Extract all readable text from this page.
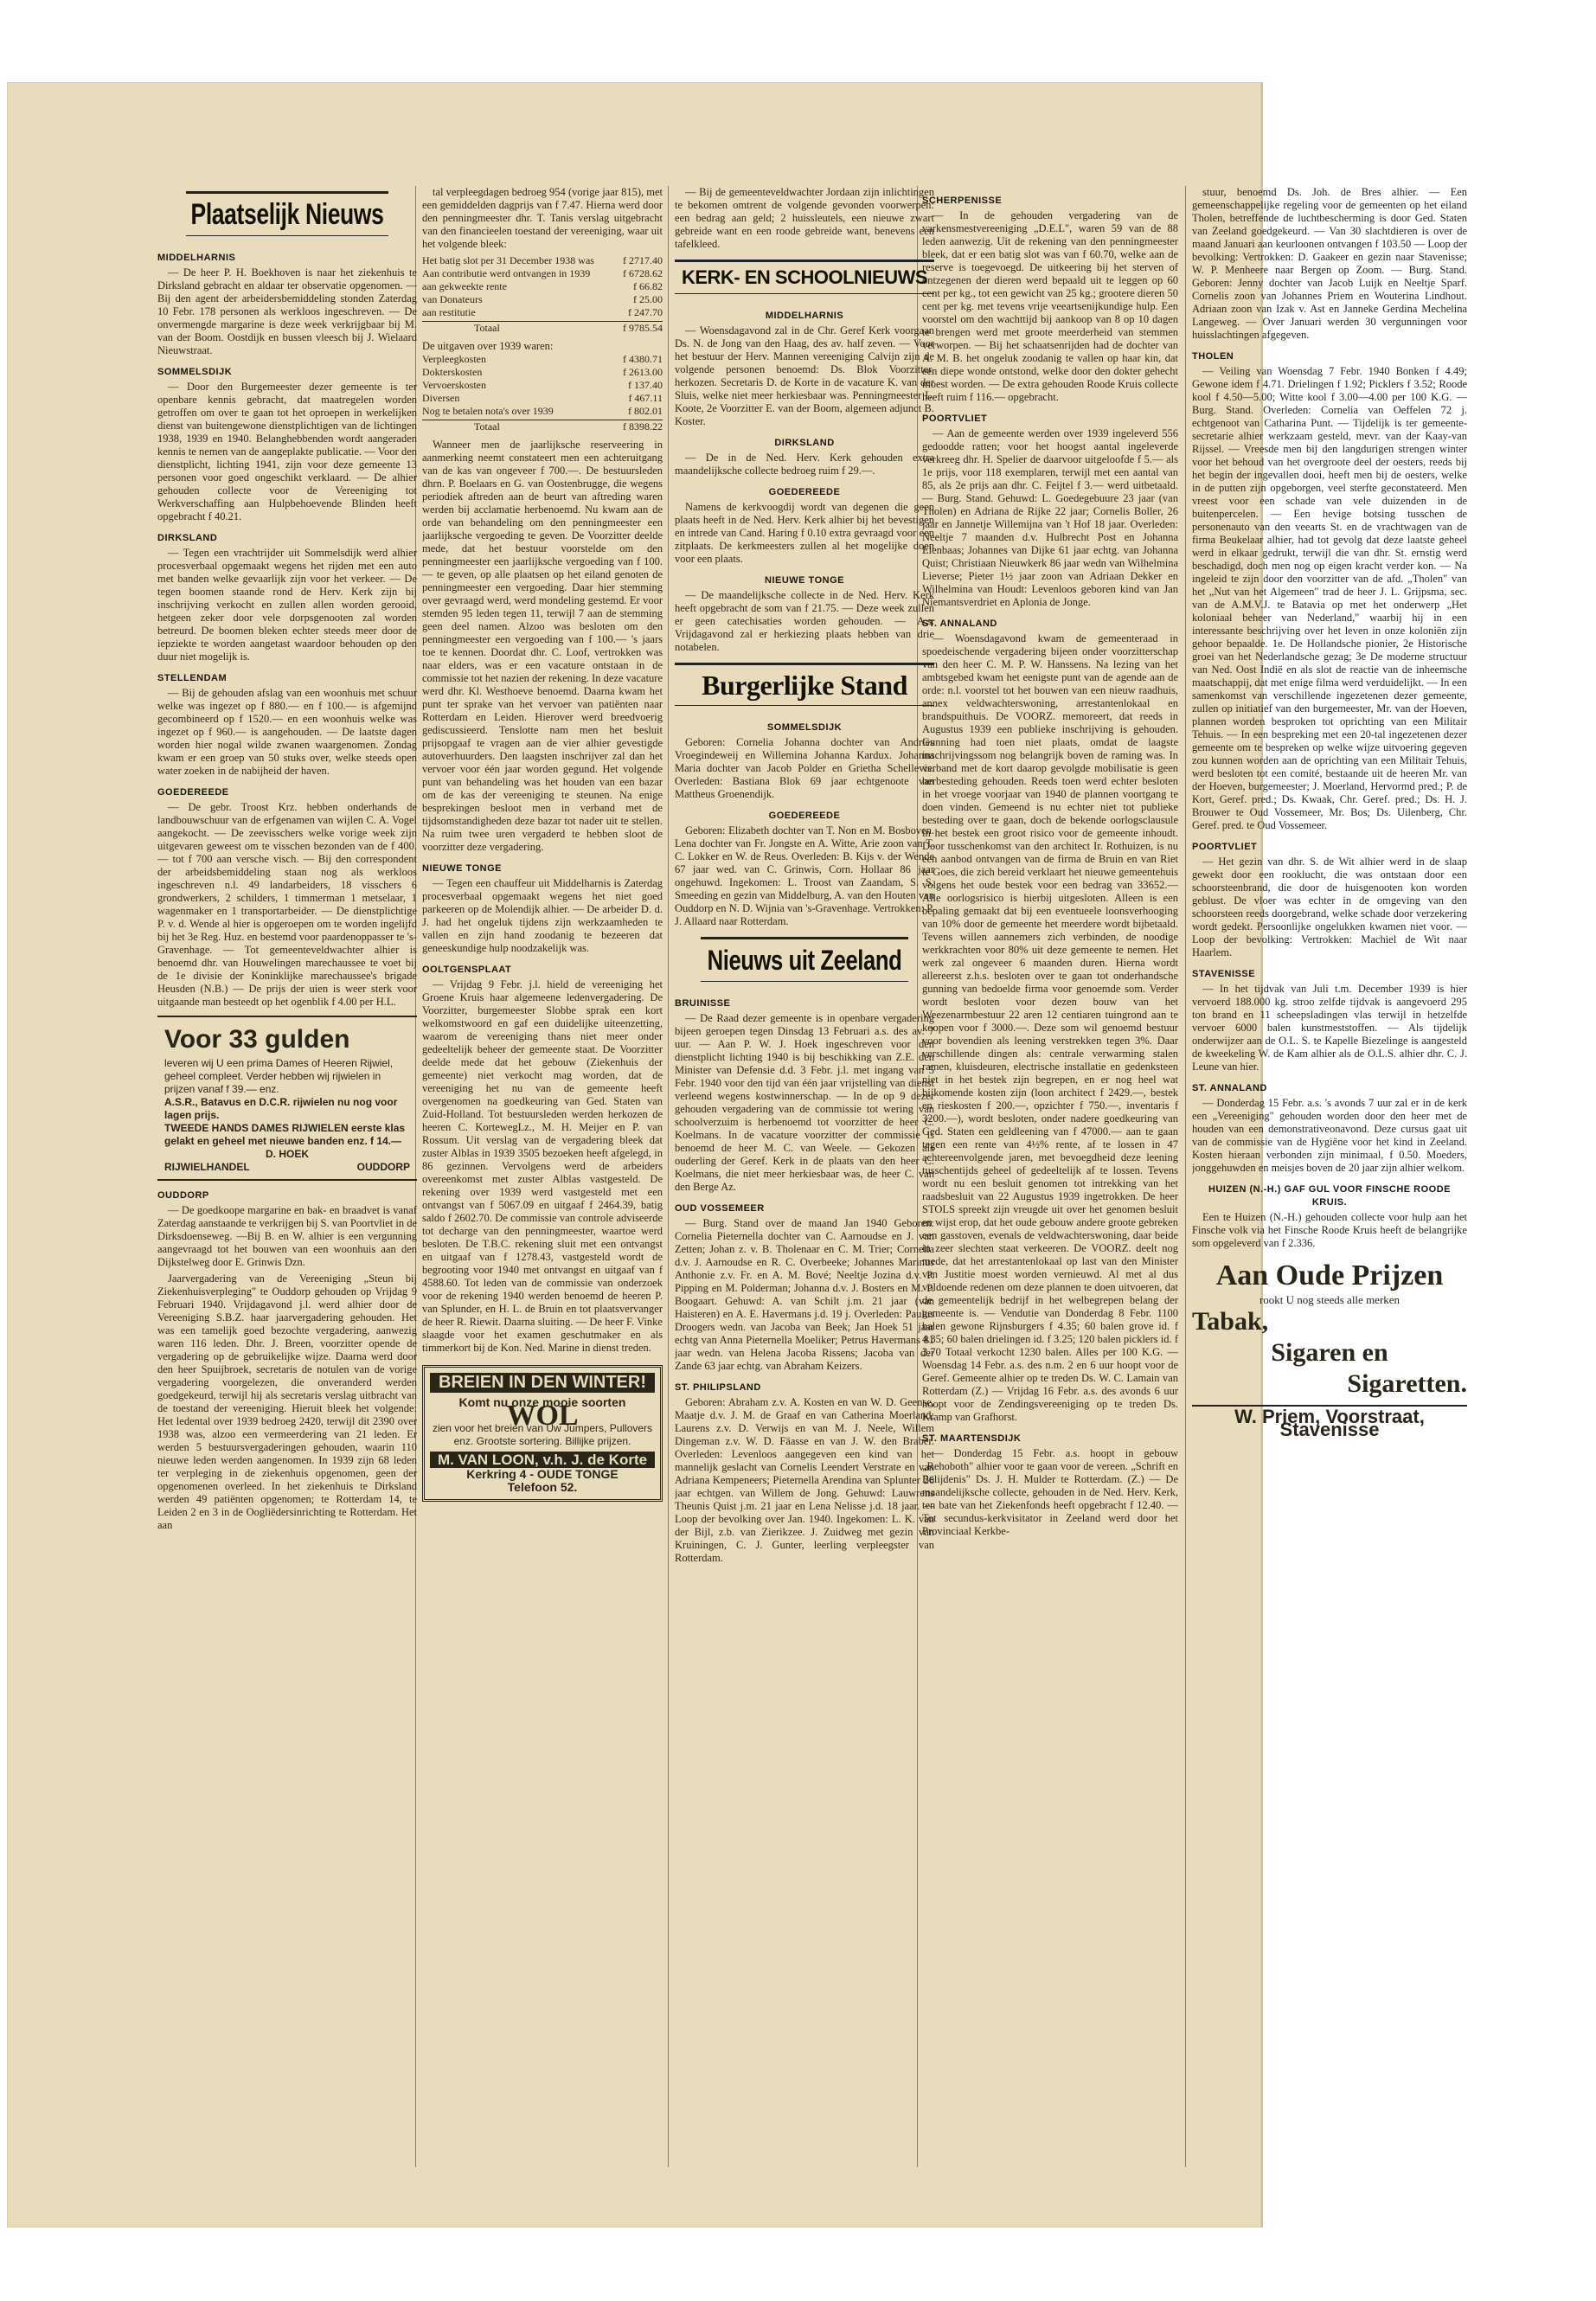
Plaatselijk Nieuws
MIDDELHARNIS

— De heer P. H. Boekhoven is naar het ziekenhuis te Dirksland gebracht en aldaar ter observatie opgenomen. — Bij den agent der arbeidersbemiddeling stonden Zaterdag 10 Febr. 178 personen als werkloos ingeschreven. — De onvermengde margarine is deze week verkrijgbaar bij M. van der Boom. Oostdijk en bussen vleesch bij J. Wielaard Nieuwstraat.

SOMMELSDIJK

— Door den Burgemeester dezer gemeente is ter openbare kennis gebracht, dat maatregelen worden getroffen om over te gaan tot het oproepen in werkelijken dienst van buitengewone dienstplichtigen van de lichtingen 1938, 1939 en 1940. Belanghebbenden wordt aangeraden kennis te nemen van de aangeplakte publicatie. — Voor den dienstplicht, lichting 1941, zijn voor deze gemeente 13 personen voor goed ongeschikt verklaard. — De alhier gehouden collecte voor de Vereeniging tot Werkverschaffing aan Hulpbehoevende Blinden heeft opgebracht f 40.21.

DIRKSLAND

— Tegen een vrachtrijder uit Sommelsdijk werd alhier procesverbaal opgemaakt wegens het rijden met een auto met banden welke gevaarlijk zijn voor het verkeer. — De tegen boomen staande rond de Herv. Kerk zijn bij inschrijving verkocht en zullen allen worden gerooid, hetgeen zeker door vele dorpsgenooten zal worden betreurd. De boomen bleken echter steeds meer door de iepziekte te worden aangetast waardoor behouden op den duur niet mogelijk is.

STELLENDAM

— Bij de gehouden afslag van een woonhuis met schuur welke was ingezet op f 880.— en f 100.— is afgemijnd gecombineerd op f 1520.— en een woonhuis welke was ingezet op f 960.— is aangehouden. — De laatste dagen worden hier nogal wilde zwanen waargenomen. Zondag kwam er een groep van 50 stuks over, welke steeds open water zoeken in de nabijheid der haven.

GOEDEREEDE

— De gebr. Troost Krz. hebben onderhands de landbouwschuur van de erfgenamen van wijlen C. A. Vogel aangekocht. — De zeevisschers welke vorige week zijn uitgevaren geweest om te visschen bezonden van de f 400.— tot f 700 aan versche visch. — Bij den correspondent der arbeidsbemiddeling staan nog als werkloos ingeschreven n.l. 49 landarbeiders, 18 visschers 6 grondwerkers, 2 schilders, 1 timmerman 1 metselaar, 1 wagenmaker en 1 transportarbeider. — De dienstplichtige P. v. d. Wende al hier is opgeroepen om te worden ingelijfd bij het 3e Reg. Huz. en bestemd voor paardenoppasser te 's-Gravenhage. — Tot gemeenteveldwachter alhier is benoemd dhr. van Houwelingen marechaussee te voet bij de 1e divisie der Koninklijke marechaussee's brigade Heusden (N.B.) — De prijs der uien is weer sterk voor uitgaande man besteedt op het ogenblik f 4.00 per H.L.

Voor 33 gulden
leveren wij U een prima Dames of Heeren Rijwiel, geheel compleet. Verder hebben wij rijwielen in prijzen vanaf f 39.— enz.
A.S.R., Batavus en D.C.R. rijwielen nu nog voor lagen prijs.
TWEEDE HANDS DAMES RIJWIELEN eerste klas gelakt en geheel met nieuwe banden enz. f 14.—
D. HOEK
RIJWIELHANDEL	OUDDORP
OUDDORP

— De goedkoope margarine en bak- en braadvet is vanaf Zaterdag aanstaande te verkrijgen bij S. van Poortvliet in de Dirksdoenseweg. —Bij B. en W. alhier is een vergunning aangevraagd tot het bouwen van een woonhuis aan den Dijkstelweg door E. Grinwis Dzn.

Jaarvergadering van de Vereeniging „Steun bij Ziekenhuisverpleging" te Ouddorp gehouden op Vrijdag 9 Februari 1940. Vrijdagavond j.l. werd alhier door de Vereeniging S.B.Z. haar jaarvergadering gehouden. Het was een tamelijk goed bezochte vergadering, aanwezig waren 116 leden. Dhr. J. Breen, voorzitter opende de vergadering op de gebruikelijke wijze. Daarna werd door den heer Spuijbroek, secretaris de notulen van de vorige vergadering voorgelezen, die onveranderd werden goedgekeurd, terwijl hij als secretaris verslag uitbracht van de toestand der vereeniging. Hieruit bleek het volgende: Het ledental over 1939 bedroeg 2420, terwijl dit 2390 over 1938 was, alzoo een vermeerdering van 21 leden. Er werden 5 bestuursvergaderingen gehouden, waarin 110 nieuwe leden werden aangenomen. In 1939 zijn 68 leden ter verpleging in de ziekenhuis opgenomen, geen der opgenomenen overleed. In het ziekenhuis te Dirksland werden 49 patiënten opgenomen; te Rotterdam 14, te Leiden 2 en 3 in de Oogliëdersinrichting te Rotterdam. Het aan

tal verpleegdagen bedroeg 954 (vorige jaar 815), met een gemiddelden dagprijs van f 7.47. Hierna werd door den penningmeester dhr. T. Tanis verslag uitgebracht van den financieelen toestand der vereeniging, waar uit het volgende bleek:

Het batig slot per 31 December 1938 was	f 2717.40
Aan contributie werd ontvangen in 1939	f 6728.62
aan gekweekte rente	f 66.82
van Donateurs	f 25.00
aan restitutie	f 247.70
Totaal	f 9785.54
De uitgaven over 1939 waren:
Verpleegkosten	f 4380.71
Dokterskosten	f 2613.00
Vervoerskosten	f 137.40
Diversen	f 467.11
Nog te betalen nota's over 1939	f 802.01
Totaal	f 8398.22

Wanneer men de jaarlijksche reserveering in aanmerking neemt constateert men een achteruitgang van de kas van ongeveer f 700.—. De bestuursleden dhrn. P. Boelaars en G. van Oostenbrugge, die wegens periodiek aftreden aan de beurt van aftreding waren werden bij acclamatie herbenoemd. Nu kwam aan de orde van behandeling om den penningmeester een jaarlijksche vergoeding te geven. De Voorzitter deelde mede, dat het bestuur voorstelde om den penningmeester een jaarlijksche vergoeding van f 100.— te geven, op alle plaatsen op het eiland genoten de penningmeester een vergoeding. Daar hier stemming over gevraagd werd, werd mondeling gestemd. Er voor stemden 95 leden tegen 11, terwijl 7 aan de stemming geen deel namen. Alzoo was besloten om den penningmeester een vergoeding van f 100.— 's jaars toe te kennen. Doordat dhr. C. Loof, vertrokken was naar elders, was er een vacature ontstaan in de commissie tot het nazien der rekening. In deze vacature werd dhr. Kl. Westhoeve benoemd. Daarna kwam het punt ter sprake van het vervoer van patiënten naar Rotterdam en Leiden. Hierover werd breedvoerig gediscussieerd. Tenslotte nam men het besluit prijsopgaaf te vragen aan de vier alhier gevestigde autoverhuurders. Den laagsten inschrijver zal dan het vervoer voor één jaar worden gegund. Het volgende punt van behandeling was het houden van een bazar om de kas der vereeniging te steunen. Na enige besprekingen besloot men in verband met de tijdsomstandigheden deze bazar tot nader uit te stellen. Na ruim twee uren vergaderd te hebben sloot de voorzitter deze vergadering.

NIEUWE TONGE

— Tegen een chauffeur uit Middelharnis is Zaterdag procesverbaal opgemaakt wegens het niet goed parkeeren op de Molendijk alhier. — De arbeider D. d. J. had het ongeluk tijdens zijn werkzaamheden te vallen en zijn hand zoodanig te bezeeren dat geneeskundige hulp noodzakelijk was.

OOLTGENSPLAAT

— Vrijdag 9 Febr. j.l. hield de vereeniging het Groene Kruis haar algemeene ledenvergadering. De Voorzitter, burgemeester Slobbe sprak een kort welkomstwoord en gaf een duidelijke uiteenzetting, waarom de vereeniging thans niet meer onder gedeeltelijk beheer der gemeente staat. De Voorzitter deelde mede dat het gebouw (Ziekenhuis der gemeente) niet verkocht mag worden, dat de vereeniging het nu van de gemeente heeft overgenomen na goedkeuring van Ged. Staten van Zuid-Holland. Tot bestuursleden werden herkozen de heeren C. KortewegLz., M. H. Meijer en P. van Rossum. Uit verslag van de vergadering bleek dat zuster Alblas in 1939 3505 bezoeken heeft afgelegd, in 86 gezinnen. Vervolgens werd de arbeiders overeenkomst met zuster Alblas vastgesteld. De rekening over 1939 werd vastgesteld met een ontvangst van f 5067.09 en uitgaaf f 2464.39, batig saldo f 2602.70. De commissie van controle adviseerde tot decharge van den penningmeester, waartoe werd besloten. De T.B.C. rekening sluit met een ontvangst en uitgaaf van f 1278.43, vastgesteld wordt de begrooting voor 1940 met ontvangst en uitgaaf van f 4588.60. Tot leden van de commissie van onderzoek voor de rekening 1940 werden benoemd de heeren P. van Splunder, en H. L. de Bruin en tot plaatsvervanger de heer R. Riewit. Daarna sluiting. — De heer F. Vinke slaagde voor het examen geschutmaker en als timmerkort bij de Kon. Ned. Marine in dienst treden.

BREIEN IN DEN WINTER!
Komt nu onze mooie soorten
WOL
zien voor het breien van Uw Jumpers, Pullovers enz. Grootste sortering. Billijke prijzen.
M. VAN LOON, v.h. J. de Korte
Kerkring 4 - OUDE TONGE
Telefoon 52.

— Bij de gemeenteveldwachter Jordaan zijn inlichtingen te bekomen omtrent de volgende gevonden voorwerpen: een bedrag aan geld; 2 huissleutels, een nieuwe zwart gebreide want en een roode gebreide want, benevens een tafelkleed.

KERK- EN SCHOOLNIEUWS
MIDDELHARNIS

— Woensdagavond zal in de Chr. Geref Kerk voorgaan Ds. N. de Jong van den Haag, des av. half zeven. — Voor het bestuur der Herv. Mannen vereeniging Calvijn zijn de volgende personen benoemd: Ds. Blok Voorzitter, herkozen. Secretaris D. de Korte in de vacature K. van der Sluis, welke niet meer herkiesbaar was. Penningmeester L. Koote, 2e Voorzitter E. van der Boom, algemeen adjunct B. Koster.

DIRKSLAND

— De in de Ned. Herv. Kerk gehouden extra maandelijksche collecte bedroeg ruim f 29.—.

GOEDEREEDE

Namens de kerkvoogdij wordt van degenen die geen plaats heeft in de Ned. Herv. Kerk alhier bij het bevestigen en intrede van Cand. Haring f 0.10 extra gevraagd voor een zitplaats. De kerkmeesters zullen al het mogelijke doen voor een plaats.

NIEUWE TONGE

— De maandelijksche collecte in de Ned. Herv. Kerk heeft opgebracht de som van f 21.75. — Deze week zullen er geen catechisaties worden gehouden. — A.s. Vrijdagavond zal er herkiezing plaats hebben van drie notabelen.

Burgerlijke Stand
SOMMELSDIJK

Geboren: Cornelia Johanna dochter van Andries Vroegindeweij en Willemina Johanna Kardux. Johanna Maria dochter van Jacob Polder en Grietha Schellevis. Overleden: Bastiana Blok 69 jaar echtgenoote van Mattheus Groenendijk.

GOEDEREEDE

Geboren: Elizabeth dochter van T. Non en M. Bosboven. Lena dochter van Fr. Jongste en A. Witte, Arie zoon van T. C. Lokker en W. de Reus. Overleden: B. Kijs v. der Wende 67 jaar wed. van C. Grinwis, Corn. Hollaar 86 jaar ongehuwd. Ingekomen: L. Troost van Zaandam, S. S. Smeeding en gezin van Middelburg, A. van den Houten van Ouddorp en N. D. Wijnia van 's-Gravenhage. Vertrokken: P. J. Allaard naar Rotterdam.

Nieuws uit Zeeland
BRUINISSE

— De Raad dezer gemeente is in openbare vergadering bijeen geroepen tegen Dinsdag 13 Februari a.s. des av. 7 uur. — Aan P. W. J. Hoek ingeschreven voor den dienstplicht lichting 1940 is bij beschikking van Z.E. den Minister van Defensie d.d. 3 Febr. j.l. met ingang van 5 Febr. 1940 voor den tijd van één jaar vrijstelling van dienst verleend wegens kostwinnerschap. — In de op 9 dezer gehouden vergadering van de commissie tot wering van schoolverzuim is herbenoemd tot voorzitter de heer C. Koelmans. In de vacature voorzitter der commissie is benoemd de heer M. C. van Weele. — Gekozen als ouderling der Geref. Kerk in de plaats van den heer C. Koelmans, die niet meer herkiesbaar was, de heer C. van den Berge Az.

OUD VOSSEMEER

— Burg. Stand over de maand Jan 1940 Geboren: Cornelia Pieternella dochter van C. Aarnoudse en J. van Zetten; Johan z. v. B. Tholenaar en C. M. Trier; Cornelia d.v. J. Aarnoudse en R. C. Overbeeke; Johannes Marinus Anthonie z.v. Fr. en A. M. Bové; Neeltje Jozina d.v. P. Pipping en M. Polderman; Johanna d.v. J. Bosters en M. P. Boogaart. Gehuwd: A. van Schilt j.m. 21 jaar (van Haisteren) en A. E. Havermans j.d. 19 j. Overleden: Paulus Droogers wedn. van Jacoba van Beek; Jan Hoek 51 jaar echtg van Anna Pieternella Moeliker; Petrus Havermans 81 jaar wedn. van Helena Jacoba Rissens; Jacoba van der Zande 63 jaar echtg. van Abraham Keizers.

ST. PHILIPSLAND

Geboren: Abraham z.v. A. Kosten en van W. D. Geense, Maatje d.v. J. M. de Graaf en van Catherina Moerland; Laurens z.v. D. Verwijs en van M. J. Neele, Willem Dingeman z.v. W. D. Fäasse en van J. W. den Braber. Overleden: Levenloos aangegeven een kind van het mannelijk geslacht van Cornelis Leendert Verstrate en van Adriana Kempeneers; Pieternella Arendina van Splunter 26 jaar echtgen. van Willem de Jong. Gehuwd: Lauwrens Theunis Quist j.m. 21 jaar en Lena Nelisse j.d. 18 jaar. — Loop der bevolking over Jan. 1940. Ingekomen: L. K. van der Bijl, z.b. van Zierikzee. J. Zuidweg met gezin van Kruiningen, C. J. Gunter, leerling verpleegster van Rotterdam.

SCHERPENISSE

— In de gehouden vergadering van de varkensmestvereeniging „D.E.L", waren 59 van de 88 leden aanwezig. Uit de rekening van den penningmeester bleek, dat er een batig slot was van f 60.70, welke aan de reserve is toegevoegd. De uitkeering bij het sterven of ontzegenen der dieren werd bepaald uit te leggen op 60 cent per kg., tot een gewicht van 25 kg.; grootere dieren 50 cent per kg. met tevens vrije veeartsenijkundige hulp. Een voorstel om den wachttijd bij aankoop van 8 op 10 dagen te brengen werd met groote meerderheid van stemmen verworpen. — Bij het schaatsenrijden had de dochter van A. M. B. het ongeluk zoodanig te vallen op haar kin, dat een diepe wonde ontstond, welke door den dokter gehecht moest worden. — De extra gehouden Roode Kruis collecte heeft ruim f 116.— opgebracht.

POORTVLIET

— Aan de gemeente werden over 1939 ingeleverd 556 gedoodde ratten; voor het hoogst aantal ingeleverde verkreeg dhr. H. Spelier de daarvoor uitgeloofde f 5.— als 1e prijs, voor 118 exemplaren, terwijl met een aantal van 85, als 2e prijs aan dhr. C. Feijtel f 3.— werd uitbetaald. — Burg. Stand. Gehuwd: L. Goedegebuure 23 jaar (van Tholen) en Adriana de Rijke 22 jaar; Cornelis Boller, 26 jaar en Jannetje Willemijna van 't Hof 18 jaar. Overleden: Neeltje 7 maanden d.v. Hulbrecht Post en Johanna Elenbaas; Johannes van Dijke 61 jaar echtg. van Johanna Quist; Christiaan Nieuwkerk 86 jaar wedn van Wilhelmina Lieverse; Pieter 1½ jaar zoon van Adriaan Dekker en Wilhelmina van Houdt: Levenloos geboren kind van Jan Niemantsverdriet en Aplonia de Jonge.

ST. ANNALAND

— Woensdagavond kwam de gemeenteraad in spoedeischende vergadering bijeen onder voorzitterschap van den heer C. M. P. W. Hanssens. Na lezing van het ambtsgebed kwam het eenigste punt van de agende aan de orde: n.l. voorstel tot het bouwen van een nieuw raadhuis, annex veldwachterswoning, arrestantenlokaal en brandspuithuis. De VOORZ. memoreert, dat reeds in Augustus 1939 een publieke inschrijving is gehouden. Gunning had toen niet plaats, omdat de laagste inschrijvingssom nog belangrijk boven de raming was. In verband met de kort daarop gevolgde mobilisatie is geen herbesteding gehouden. Reeds toen werd echter besloten in het vroege voorjaar van 1940 de plannen voortgang te doen vinden. Gemeend is nu echter niet tot publieke besteding over te gaan, doch de bekende oorlogsclausule in het bestek een groot risico voor de gemeente inhoudt. Door tusschenkomst van den architect Ir. Rothuizen, is nu een aanbod ontvangen van de firma de Bruin en van Riet te Goes, die zich bereid verklaart het nieuwe gemeentehuis volgens het oude bestek voor een bedrag van 33652.— Alle oorlogsrisico is hierbij uitgesloten. Alleen is een bepaling gemaakt dat bij een eventueele loonsverhooging van 10% door de gemeente het meerdere wordt bijbetaald. Tevens willen aannemers zich verbinden, de noodige werkkrachten voor 80% uit deze gemeente te nemen. Het werk zal ongeveer 6 maanden duren. Hierna wordt allereerst z.h.s. besloten over te gaan tot onderhandsche gunning van bedoelde firma voor genoemde som. Verder wordt besloten voor dezen bouw van het Weezenarmbestuur 22 aren 12 centiaren tuingrond aan te koopen voor f 3000.—. Deze som wil genoemd bestuur voor bovendien als leening verstrekken tegen 3%. Daar verschillende dingen als: centrale verwarming stalen ramen, kluisdeuren, electrische installatie en gedenksteen niet in het bestek zijn begrepen, en er nog heel wat bijkomende kosten zijn (loon architect f 2429.—, bestek en rieskosten f 200.—, opzichter f 750.—, inventaris f 3200.—), wordt besloten, onder nadere goedkeuring van Ged. Staten een geldleening van f 47000.— aan te gaan tegen een rente van 4½% rente, af te lossen in 47 achtereenvolgende jaren, met bevoegdheid deze leening tusschentijds geheel of gedeeltelijk af te lossen. Tevens wordt nu een besluit genomen tot intrekking van het raadsbesluit van 22 Augustus 1939 ingetrokken. De heer STOLS spreekt zijn vreugde uit over het genomen besluit en wijst erop, dat het oude gebouw andere groote gebreken een gasstoven, evenals de veldwachterswoning, daar beide in zeer slechten staat verkeeren. De VOORZ. deelt nog mede, dat het arrestantenlokaal op last van den Minister van Justitie moest worden vernieuwd. Al met al dus voldoende redenen om deze plannen te doen uitvoeren, dat de gemeentelijk bedrijf in het welbegrepen belang der gemeente is. — Vendutie van Donderdag 8 Febr. 1100 balen gewone Rijnsburgers f 4.35; 60 balen grove id. f 4.35; 60 balen drielingen id. f 3.25; 120 balen picklers id. f 3.70 Totaal verkocht 1230 balen. Alles per 100 K.G. — Woensdag 14 Febr. a.s. des n.m. 2 en 6 uur hoopt voor de Geref. Gemeente alhier op te treden Ds. W. C. Lamain van Rotterdam (Z.) — Vrijdag 16 Febr. a.s. des avonds 6 uur hoopt voor de Zendingsvereeniging op te treden Ds. Kramp van Grafhorst.

ST. MAARTENSDIJK

— Donderdag 15 Febr. a.s. hoopt in gebouw „Rehoboth" alhier voor te gaan voor de vereen. „Schrift en Belijdenis" Ds. J. H. Mulder te Rotterdam. (Z.) — De maandelijksche collecte, gehouden in de Ned. Herv. Kerk, ten bate van het Ziekenfonds heeft opgebracht f 12.40. — Tot secundus-kerkvisitator in Zeeland werd door het Provinciaal Kerkbe-

stuur, benoemd Ds. Joh. de Bres alhier. — Een gemeenschappelijke regeling voor de gemeenten op het eiland Tholen, betreffende de luchtbescherming is door Ged. Staten van Zeeland goedgekeurd. — Van 30 slachtdieren is over de maand Januari aan keurloonen ontvangen f 103.50 — Loop der bevolking: Vertrokken: D. Gaakeer en gezin naar Stavenisse; W. P. Menheere naar Bergen op Zoom. — Burg. Stand. Geboren: Jenny dochter van Jacob Luijk en Neeltje Sparf. Cornelis zoon van Johannes Priem en Wouterina Lindhout. Adriaan zoon van Izak v. Ast en Janneke Gerdina Mechelina Langeweg. — Over Januari werden 30 vergunningen voor huisslachtingen afgegeven.

THOLEN

— Veiling van Woensdag 7 Febr. 1940 Bonken f 4.49; Gewone idem f 4.71. Drielingen f 1.92; Picklers f 3.52; Roode kool f 4.50—5.00; Witte kool f 3.00—4.00 per 100 K.G. — Burg. Stand. Overleden: Cornelia van Oeffelen 72 j. echtgenoot van Catharina Punt. — Tijdelijk is ter gemeente-secretarie alhier werkzaam gesteld, mevr. van der Kaay-van Rijssel. — Vreesde men bij den langdurigen strengen winter voor het behoud van het overgroote deel der oesters, reeds bij het begin der ingevallen dooi, heeft men bij de oesters, welke in de putten zijn opgeborgen, veel sterfte geconstateerd. Men vreest voor een schade van vele duizenden in de buitenpercelen. — Een hevige botsing tusschen de personenauto van den veearts St. en de vrachtwagen van de firma Beukelaar alhier, had tot gevolg dat deze laatste geheel werd in elkaar gedrukt, terwijl die van dhr. St. ernstig werd beschadigd, doch men nog op eigen kracht verder kon. — Na ingeleid te zijn door den voorzitter van de afd. „Tholen" van het „Nut van het Algemeen" trad de heer J. L. Grijpsma, sec. van de A.M.V.J. te Batavia op met het onderwerp „Het koloniaal beheer van Nederland," waarbij hij in een interessante beschrijving over het leven in onze koloniën zijn gehoor bepaalde. 1e. De Hollandsche pionier, 2e Historische groei van het Nederlandsche gezag; 3e De moderne structuur van Ned. Oost Indië en als slot de reactie van de inheemsche maatschappij, dat met enige filma werd verduidelijkt. — In een samenkomst van verschillende ingezetenen dezer gemeente, zullen op initiatief van den burgemeester, Mr. van der Hoeven, plannen worden besproken tot oprichting van een Militair Tehuis. — In een bespreking met een 20-tal ingezetenen dezer gemeente om te bespreken op welke wijze uitvoering gegeven zou kunnen worden aan de oprichting van een Militair Tehuis, werd besloten tot een comité, bestaande uit de heeren Mr. van der Hoeven, burgemeester; J. Moerland, Hervormd pred.; P. de Kort, Geref. pred.; Ds. Kwaak, Chr. Geref. pred.; Ds. H. J. Brouwer te Oud Vossemeer, Mr. Bos; Ds. Uilenberg, Chr. Geref. pred. te Oud Vossemeer.

POORTVLIET

— Het gezin van dhr. S. de Wit alhier werd in de slaap gewekt door een rooklucht, die was ontstaan door een schoorsteenbrand, die door de huisgenooten kon worden geblust. De vloer was echter in de omgeving van den schoorsteen reeds doorgebrand, welke schade door verzekering wordt gedekt. Persoonlijke ongelukken kwamen niet voor. — Loop der bevolking: Vertrokken: Machiel de Wit naar Haarlem.

STAVENISSE

— In het tijdvak van Juli t.m. December 1939 is hier vervoerd 188.000 kg. stroo zelfde tijdvak is aangevoerd 295 ton brand en 11 scheepsladingen vlas terwijl in hetzelfde vervoer 6000 balen kunstmeststoffen. — Als tijdelijk onderwijzer aan de O.L. S. te Kapelle Biezelinge is aangesteld de kweekeling W. de Kam alhier als de O.L.S. alhier dhr. C. J. Leune van hier.

ST. ANNALAND

— Donderdag 15 Febr. a.s. 's avonds 7 uur zal er in de kerk een „Vereeniging" gehouden worden door den heer met de houden van een demonstrativeonavond. Deze cursus gaat uit van de commissie van de Hygiëne voor het kind in Zeeland. Kosten hieraan verbonden zijn minimaal, f 0.50. Moeders, jonggehuwden en meisjes boven de 20 jaar zijn alhier welkom.

HUIZEN (N.-H.) GAF GUL VOOR FINSCHE ROODE KRUIS.

Een te Huizen (N.-H.) gehouden collecte voor hulp aan het Finsche volk via het Finsche Roode Kruis heeft de belangrijke som opgeleverd van f 2.336.

Aan Oude Prijzen
rookt U nog steeds alle merken
Tabak,
Sigaren en
Sigaretten.
W. Priem, Voorstraat, Stavenisse
